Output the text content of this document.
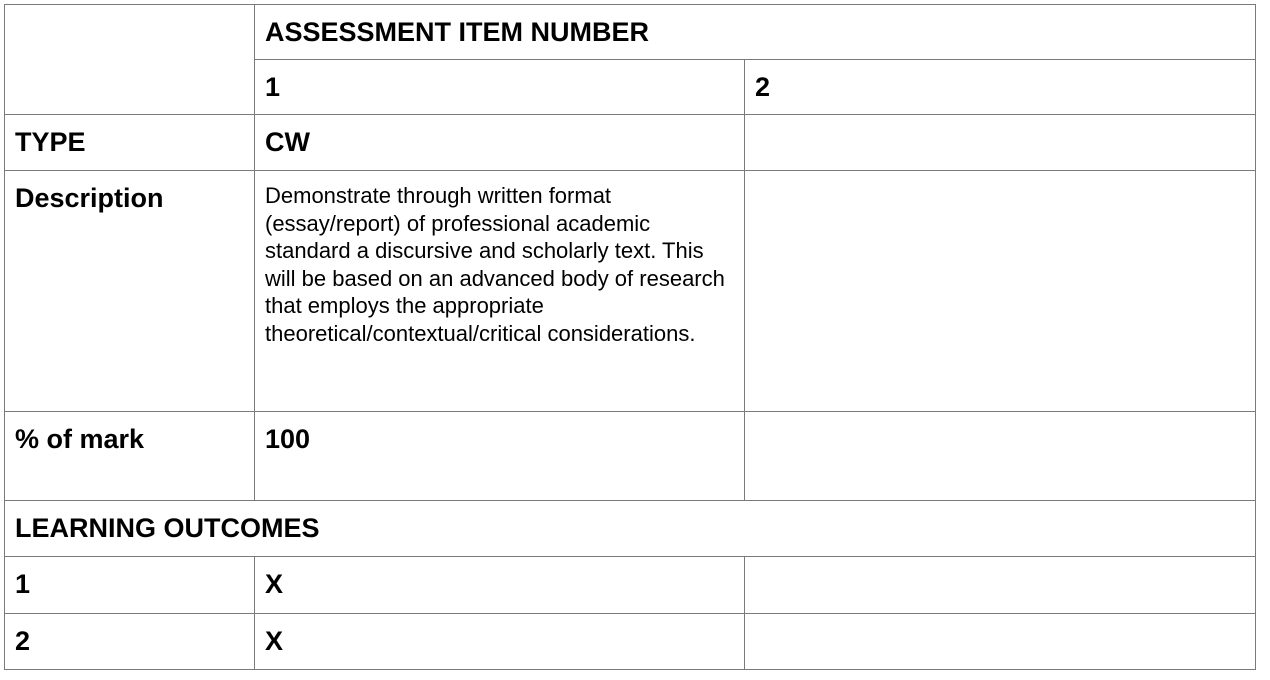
	ASSESSMENT ITEM NUMBER	
	1	2
TYPE	CW	
Description	Demonstrate through written format (essay/report) of professional academic standard a discursive and scholarly text. This will be based on an advanced body of research that employs the appropriate theoretical/contextual/critical considerations.	
% of mark	100	
LEARNING OUTCOMES		
1	X	
2	X	
